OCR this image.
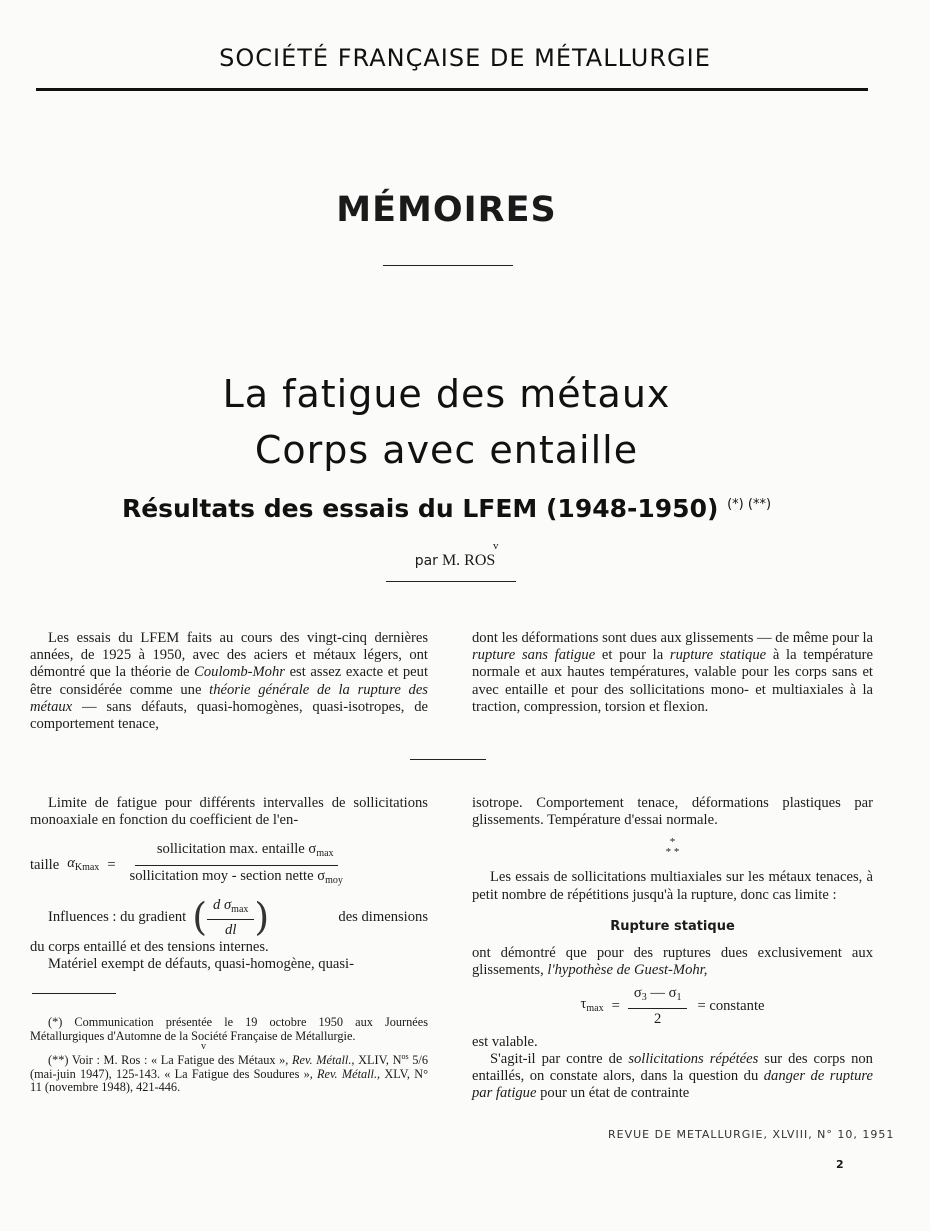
SOCIÉTÉ FRANÇAISE DE MÉTALLURGIE
MÉMOIRES
La fatigue des métaux
Corps avec entaille
Résultats des essais du LFEM (1948-1950) (*) (**)
v
par M. ROS

Les essais du LFEM faits au cours des vingt-cinq dernières années, de 1925 à 1950, avec des aciers et métaux légers, ont démontré que la théorie de Coulomb-Mohr est assez exacte et peut être considérée comme une théorie générale de la rupture des métaux — sans défauts, quasi-homogènes, quasi-isotropes, de comportement tenace,

dont les déformations sont dues aux glissements — de même pour la rupture sans fatigue et pour la rupture statique à la température normale et aux hautes températures, valable pour les corps sans et avec entaille et pour des sollicitations mono- et multiaxiales à la traction, compression, torsion et flexion.

Limite de fatigue pour différents intervalles de sollicitations monoaxiale en fonction du coefficient de l'en-

taille $\alpha_{Kmax} = \frac{sollicitation \max. entaille \sigma_{max}}{sollicitation moy - section nette \sigma_{moy}}$
Influences : du gradient ( $\frac{d \sigma_{max}}{dl}$ )	des dimensions

du corps entaillé et des tensions internes.

Matériel exempt de défauts, quasi-homogène, quasi-

(*) Communication présentée le 19 octobre 1950 aux Journées Métallurgiques d'Automne de la Société Française de Métallurgie.

v

(**) Voir : M. Ros : « La Fatigue des Métaux », Rev. Métall., XLIV, $N^{os}$ 5/6 (mai-juin 1947), 125-143. « La Fatigue des Soudures », Rev. Métall., XLV, N° 11 (novembre 1948), 421-446.

isotrope. Comportement tenace, déformations plastiques par glissements. Température d'essai normale.

*
* *

Les essais de sollicitations multiaxiales sur les métaux tenaces, à petit nombre de répétitions jusqu'à la rupture, donc cas limite :

Rupture statique

ont démontré que pour des ruptures dues exclusivement aux glissements, l'hypothèse de Guest-Mohr,

$\tau_{max} = \frac{\sigma_3 — \sigma_1}{2}$ = constante

est valable.

S'agit-il par contre de sollicitations répétées sur des corps non entaillés, on constate alors, dans la question du danger de rupture par fatigue pour un état de contrainte

REVUE DE METALLURGIE, XLVIII, N° 10, 1951
2
